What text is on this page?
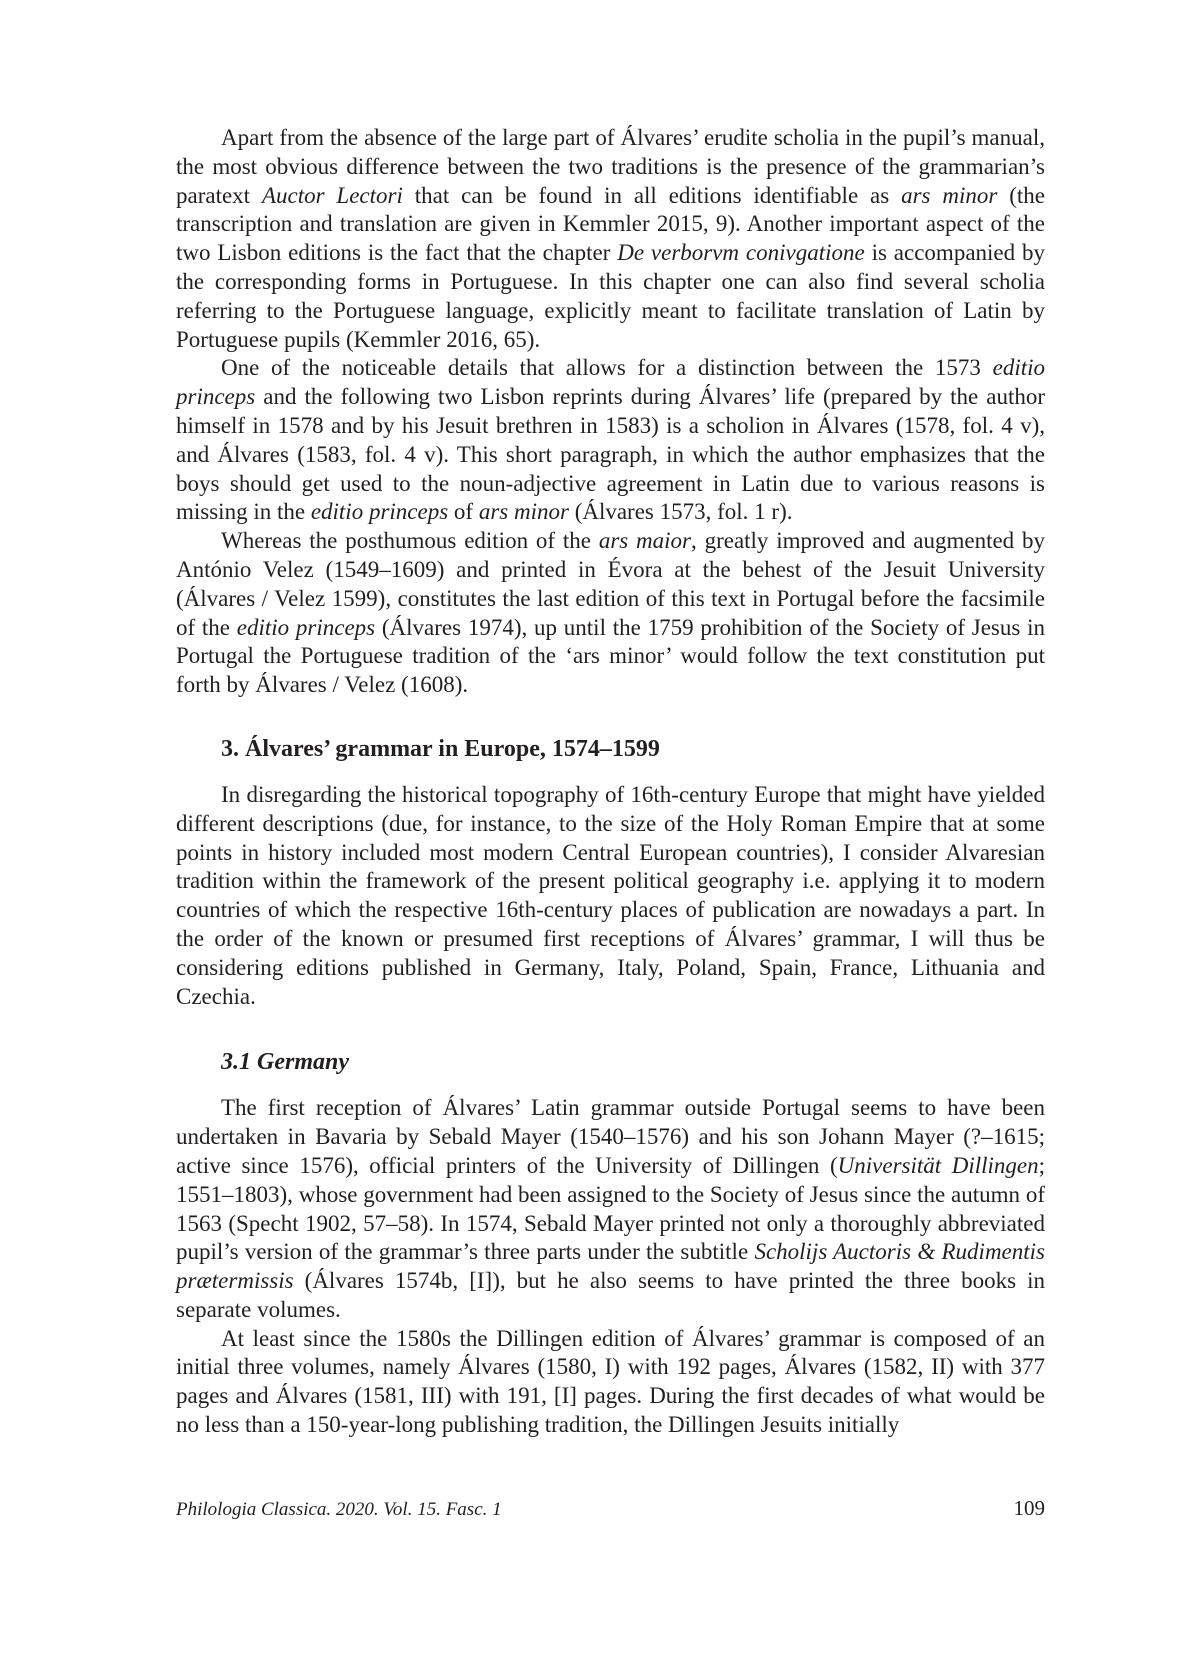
Apart from the absence of the large part of Álvares’ erudite scholia in the pupil’s manual, the most obvious difference between the two traditions is the presence of the grammarian’s paratext Auctor Lectori that can be found in all editions identifiable as ars minor (the transcription and translation are given in Kemmler 2015, 9). Another important aspect of the two Lisbon editions is the fact that the chapter De verborvm conivgatione is accompanied by the corresponding forms in Portuguese. In this chapter one can also find several scholia referring to the Portuguese language, explicitly meant to facilitate translation of Latin by Portuguese pupils (Kemmler 2016, 65).

One of the noticeable details that allows for a distinction between the 1573 editio princeps and the following two Lisbon reprints during Álvares’ life (prepared by the author himself in 1578 and by his Jesuit brethren in 1583) is a scholion in Álvares (1578, fol. 4 v), and Álvares (1583, fol. 4 v). This short paragraph, in which the author emphasizes that the boys should get used to the noun-adjective agreement in Latin due to various reasons is missing in the editio princeps of ars minor (Álvares 1573, fol. 1 r).

Whereas the posthumous edition of the ars maior, greatly improved and augmented by António Velez (1549–1609) and printed in Évora at the behest of the Jesuit University (Álvares / Velez 1599), constitutes the last edition of this text in Portugal before the facsimile of the editio princeps (Álvares 1974), up until the 1759 prohibition of the Society of Jesus in Portugal the Portuguese tradition of the ‘ars minor’ would follow the text constitution put forth by Álvares / Velez (1608).

3. Álvares’ grammar in Europe, 1574–1599

In disregarding the historical topography of 16th-century Europe that might have yielded different descriptions (due, for instance, to the size of the Holy Roman Empire that at some points in history included most modern Central European countries), I consider Alvaresian tradition within the framework of the present political geography i.e. applying it to modern countries of which the respective 16th-century places of publication are nowadays a part. In the order of the known or presumed first receptions of Álvares’ grammar, I will thus be considering editions published in Germany, Italy, Poland, Spain, France, Lithuania and Czechia.

3.1 Germany

The first reception of Álvares’ Latin grammar outside Portugal seems to have been undertaken in Bavaria by Sebald Mayer (1540–1576) and his son Johann Mayer (?–1615; active since 1576), official printers of the University of Dillingen (Universität Dillingen; 1551–1803), whose government had been assigned to the Society of Jesus since the autumn of 1563 (Specht 1902, 57–58). In 1574, Sebald Mayer printed not only a thoroughly abbreviated pupil’s version of the grammar’s three parts under the subtitle Scholijs Auctoris & Rudimentis prætermissis (Álvares 1574b, [I]), but he also seems to have printed the three books in separate volumes.

At least since the 1580s the Dillingen edition of Álvares’ grammar is composed of an initial three volumes, namely Álvares (1580, I) with 192 pages, Álvares (1582, II) with 377 pages and Álvares (1581, III) with 191, [I] pages. During the first decades of what would be no less than a 150-year-long publishing tradition, the Dillingen Jesuits initially

Philologia Classica. 2020. Vol. 15. Fasc. 1	109
